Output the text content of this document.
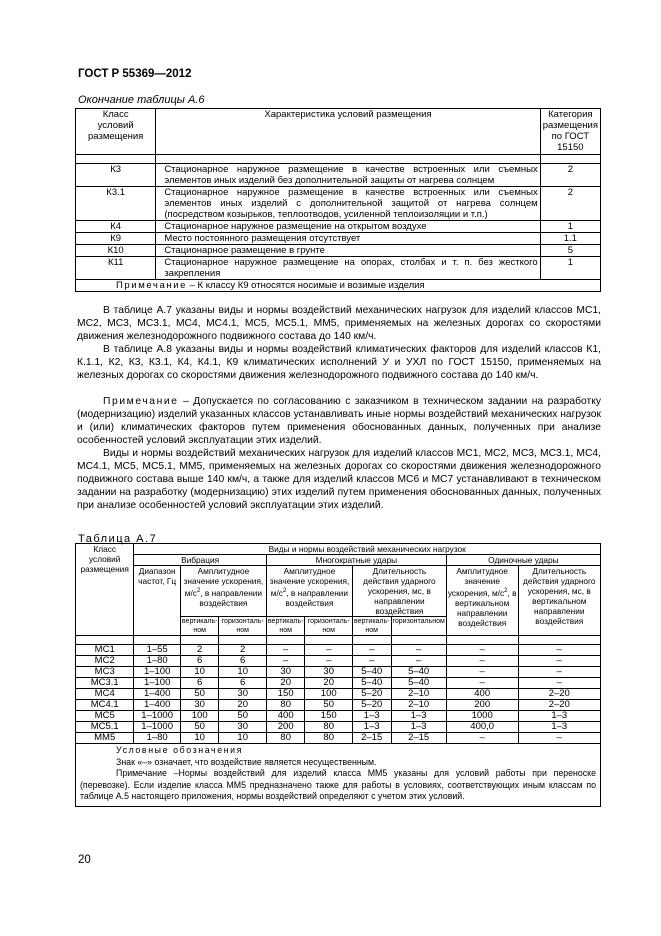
ГОСТ Р 55369—2012
Окончание таблицы А.6
Класс условий размещения	Характеристика условий размещения	Категория размещения по ГОСТ 15150

К3	Стационарное наружное размещение в качестве встроенных или съемных элементов иных изделий без дополнительной защиты от нагрева солнцем	2
К3.1	Стационарное наружное размещение в качестве встроенных или съемных элементов иных изделий с дополнительной защитой от нагрева солнцем (посредством козырьков, теплоотводов, усиленной теплоизоляции и т.п.)	2
К4	Стационарное наружное размещение на открытом воздухе	1
К9	Место постоянного размещения отсутствует	1.1
К10	Стационарное размещение в грунте	5
К11	Стационарное наружное размещение на опорах, столбах и т. п. без жесткого закрепления	1
Примечание – К классу К9 относятся носимые и возимые изделия		
В таблице А.7 указаны виды и нормы воздействий механических нагрузок для изделий классов МС1, МС2, МС3, МС3.1, МС4, МС4.1, МС5, МС5.1, ММ5, применяемых на железных дорогах со скоростями движения железнодорожного подвижного состава до 140 км/ч.
В таблице А.8 указаны виды и нормы воздействий климатических факторов для изделий классов К1, К.1.1, К2, К3, К3.1, К4, К4.1, К9 климатических исполнений У и УХЛ по ГОСТ 15150, применяемых на железных дорогах со скоростями движения железнодорожного подвижного состава до 140 км/ч.
Примечание – Допускается по согласованию с заказчиком в техническом задании на разработку (модернизацию) изделий указанных классов устанавливать иные нормы воздействий механических нагрузок и (или) климатических факторов путем применения обоснованных данных, полученных при анализе особенностей условий эксплуатации этих изделий.
Виды и нормы воздействий механических нагрузок для изделий классов МС1, МС2, МС3, МС3.1, МС4, МС4.1, МС5, МС5.1, ММ5, применяемых на железных дорогах со скоростями движения железнодорожного подвижного состава выше 140 км/ч, а также для изделий классов МС6 и МС7 устанавливают в техническом задании на разработку (модернизацию) этих изделий путем применения обоснованных данных, полученных при анализе особенностей условий эксплуатации этих изделий.
Таблица А.7
Класс условий размещения	Виды и нормы воздействий механических нагрузок								
	Вибрация			Многократные удары				Одиночные удары	
	Диапазон частот, Гц	Амплитудное значение ускорения, $м/с^2$, в направлении воздействия		Амплитудное значение ускорения, $м/с^2$, в направлении воздействия		Длительность действия ударного ускорения, мс, в направлении воздействия		Амплитудное значение ускорения, $м/с^2$, в вертикальном направлении воздействия	Длительность действия ударного ускорения, мс, в вертикальном направлении воздействия
		вертикаль-ном	горизонталь-ном	вертикаль-ном	горизонталь-ном	вертикаль-ном	горизонтальном		

МС1	1–55	2	2	–	–	–	–	–	–
МС2	1–80	6	6	–	–	–	–	–	–
МС3	1–100	10	10	30	30	5–40	5–40	–	–
МС3.1	1–100	6	6	20	20	5–40	5–40	–	–
МС4	1–400	50	30	150	100	5–20	2–10	400	2–20
МС4.1	1–400	30	20	80	50	5–20	2–10	200	2–20
МС5	1–1000	100	50	400	150	1–3	1–3	1000	1–3
МС5.1	1–1000	50	30	200	80	1–3	1–3	400,0	1–3
ММ5	1–80	10	10	80	80	2–15	2–15	–	–

Условные обозначения
Знак «–» означает, что воздействие является несущественным.
Примечание –Нормы воздействий для изделий класса ММ5 указаны для условий работы при переноске (перевозке). Если изделие класса ММ5 предназначено также для работы в условиях, соответствующих иным классам по таблице А.5 настоящего приложения, нормы воздействий определяют с учетом этих условий.									
20
